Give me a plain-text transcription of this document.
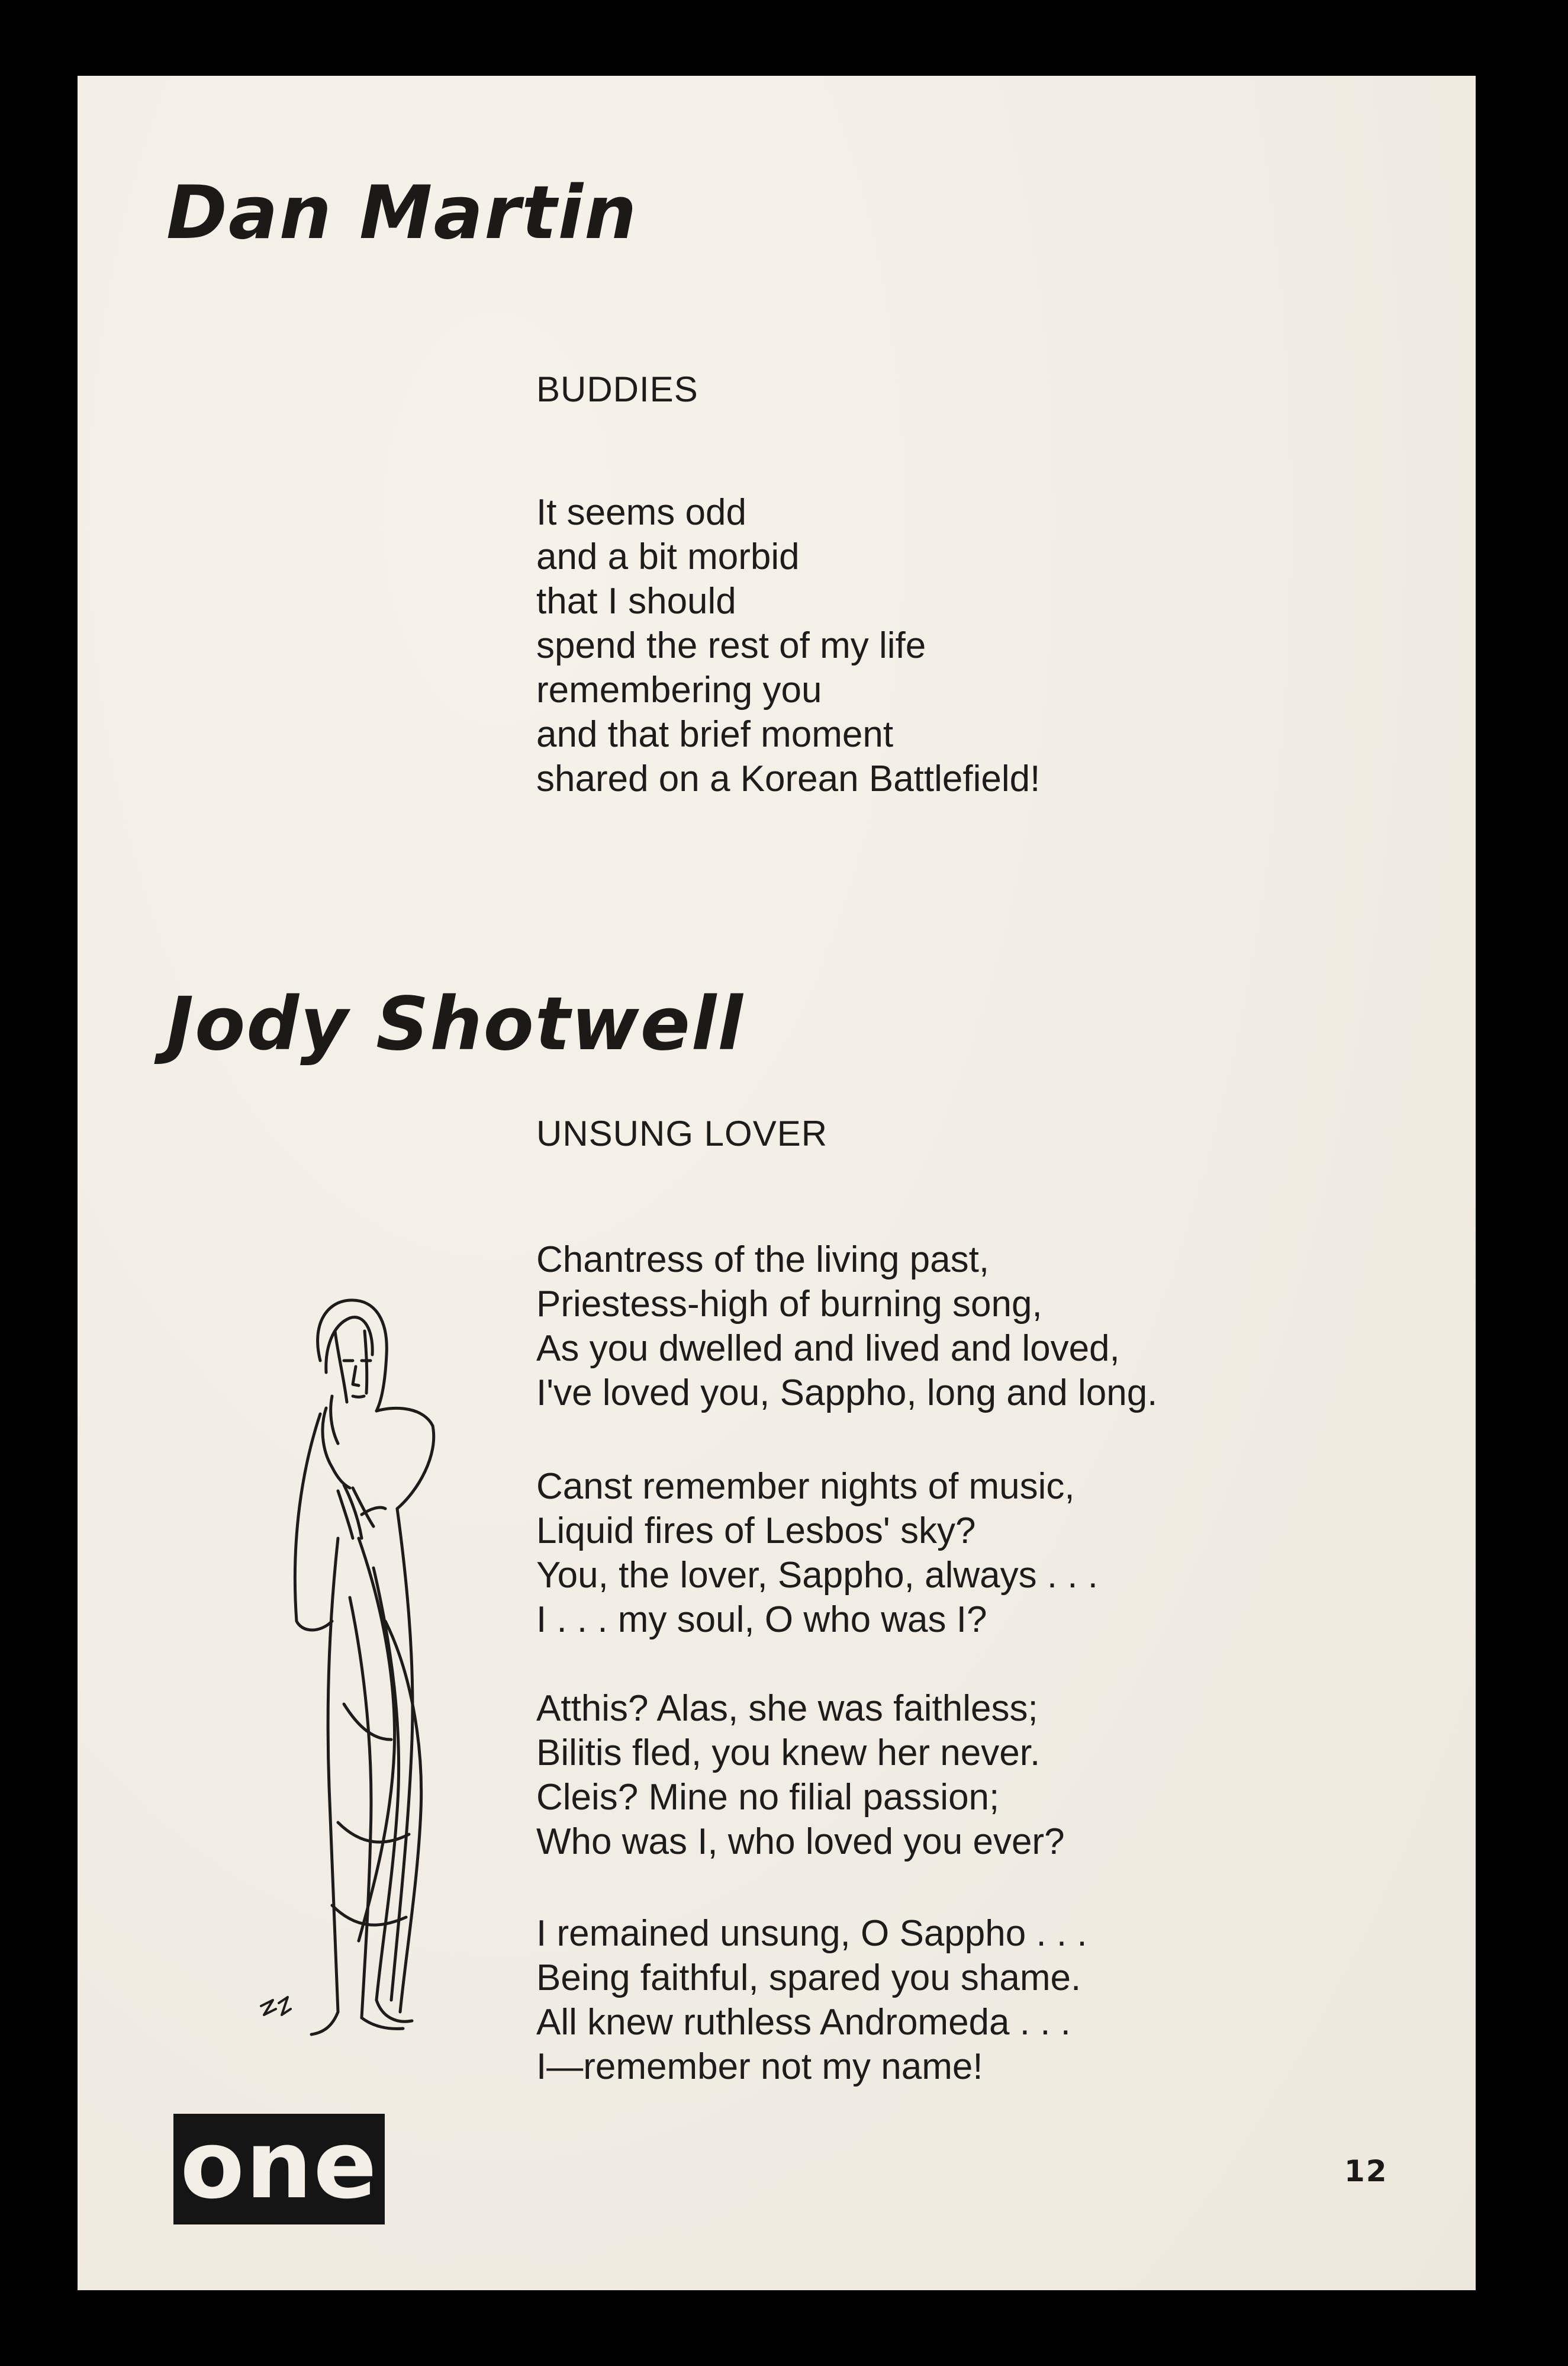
Dan Martin
BUDDIES
It seems odd
and a bit morbid
that I should
spend the rest of my life
remembering you
and that brief moment
shared on a Korean Battlefield!
Jody Shotwell
UNSUNG LOVER
Chantress of the living past,
Priestess-high of burning song,
As you dwelled and lived and loved,
I've loved you, Sappho, long and long.
Canst remember nights of music,
Liquid fires of Lesbos' sky?
You, the lover, Sappho, always . . .
I . . . my soul, O who was I?
Atthis? Alas, she was faithless;
Bilitis fled, you knew her never.
Cleis? Mine no filial passion;
Who was I, who loved you ever?
I remained unsung, O Sappho . . .
Being faithful, spared you shame.
All knew ruthless Andromeda . . .
I—remember not my name!
one	12
